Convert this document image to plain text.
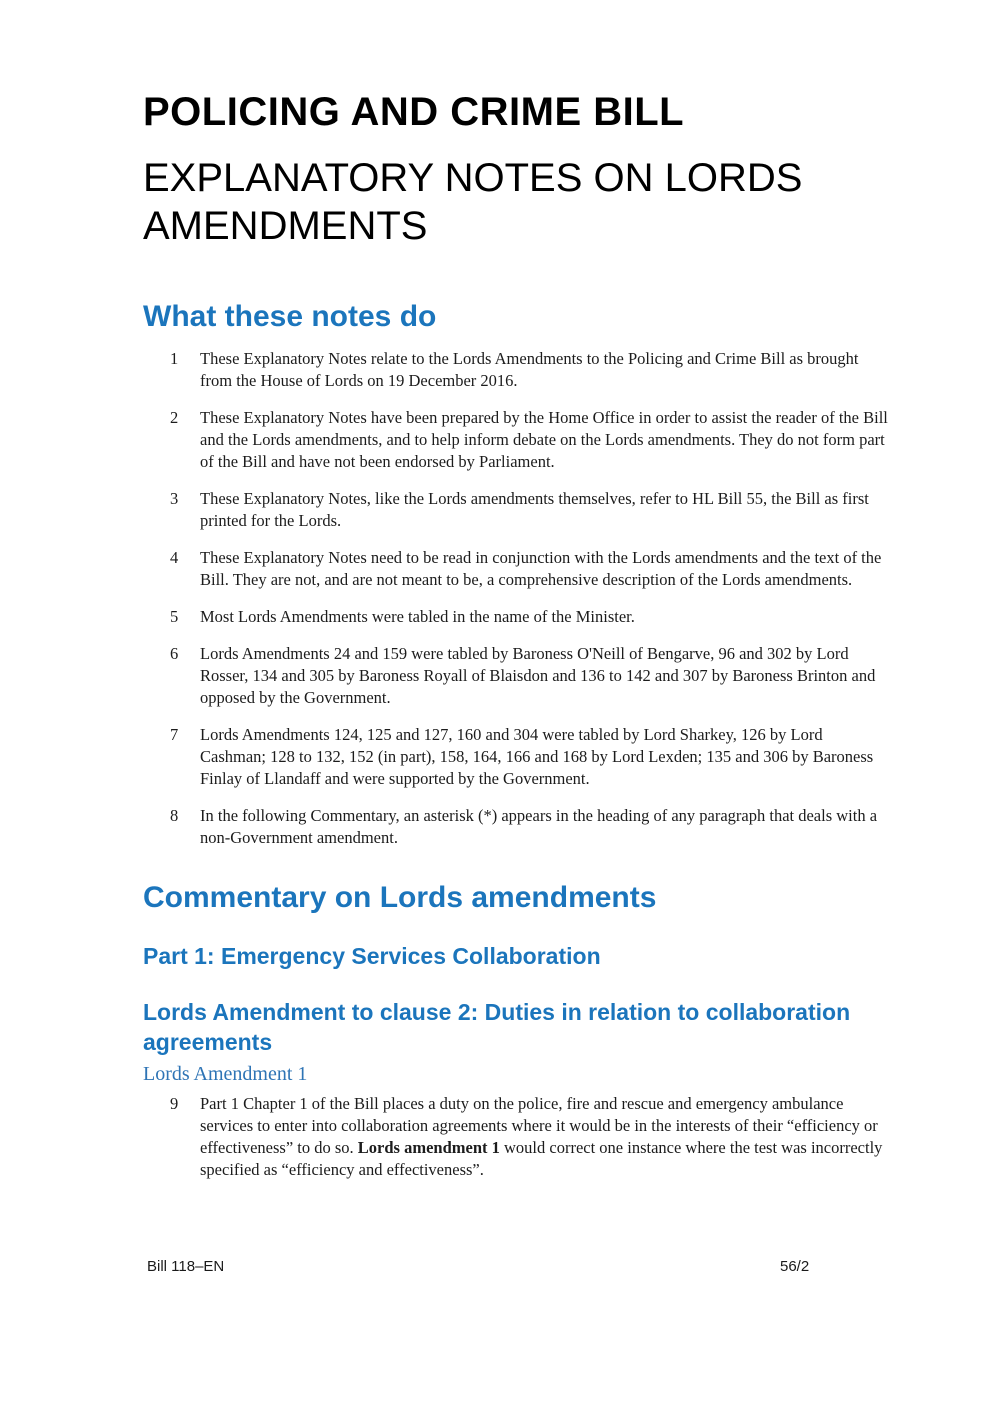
POLICING AND CRIME BILL
EXPLANATORY NOTES ON LORDS AMENDMENTS
What these notes do
1	These Explanatory Notes relate to the Lords Amendments to the Policing and Crime Bill as brought from the House of Lords on 19 December 2016.
2	These Explanatory Notes have been prepared by the Home Office in order to assist the reader of the Bill and the Lords amendments, and to help inform debate on the Lords amendments. They do not form part of the Bill and have not been endorsed by Parliament.
3	These Explanatory Notes, like the Lords amendments themselves, refer to HL Bill 55, the Bill as first printed for the Lords.
4	These Explanatory Notes need to be read in conjunction with the Lords amendments and the text of the Bill. They are not, and are not meant to be, a comprehensive description of the Lords amendments.
5	Most Lords Amendments were tabled in the name of the Minister.
6	Lords Amendments 24 and 159 were tabled by Baroness O'Neill of Bengarve, 96 and 302 by Lord Rosser, 134 and 305 by Baroness Royall of Blaisdon and 136 to 142 and 307 by Baroness Brinton and opposed by the Government.
7	Lords Amendments 124, 125 and 127, 160 and 304 were tabled by Lord Sharkey, 126 by Lord Cashman; 128 to 132, 152 (in part), 158, 164, 166 and 168 by Lord Lexden; 135 and 306 by Baroness Finlay of Llandaff and were supported by the Government.
8	In the following Commentary, an asterisk (*) appears in the heading of any paragraph that deals with a non-Government amendment.
Commentary on Lords amendments
Part 1: Emergency Services Collaboration
Lords Amendment to clause 2: Duties in relation to collaboration agreements
Lords Amendment 1
9	Part 1 Chapter 1 of the Bill places a duty on the police, fire and rescue and emergency ambulance services to enter into collaboration agreements where it would be in the interests of their “efficiency or effectiveness” to do so. Lords amendment 1 would correct one instance where the test was incorrectly specified as “efficiency and effectiveness”.
Bill 118–EN	56/2
